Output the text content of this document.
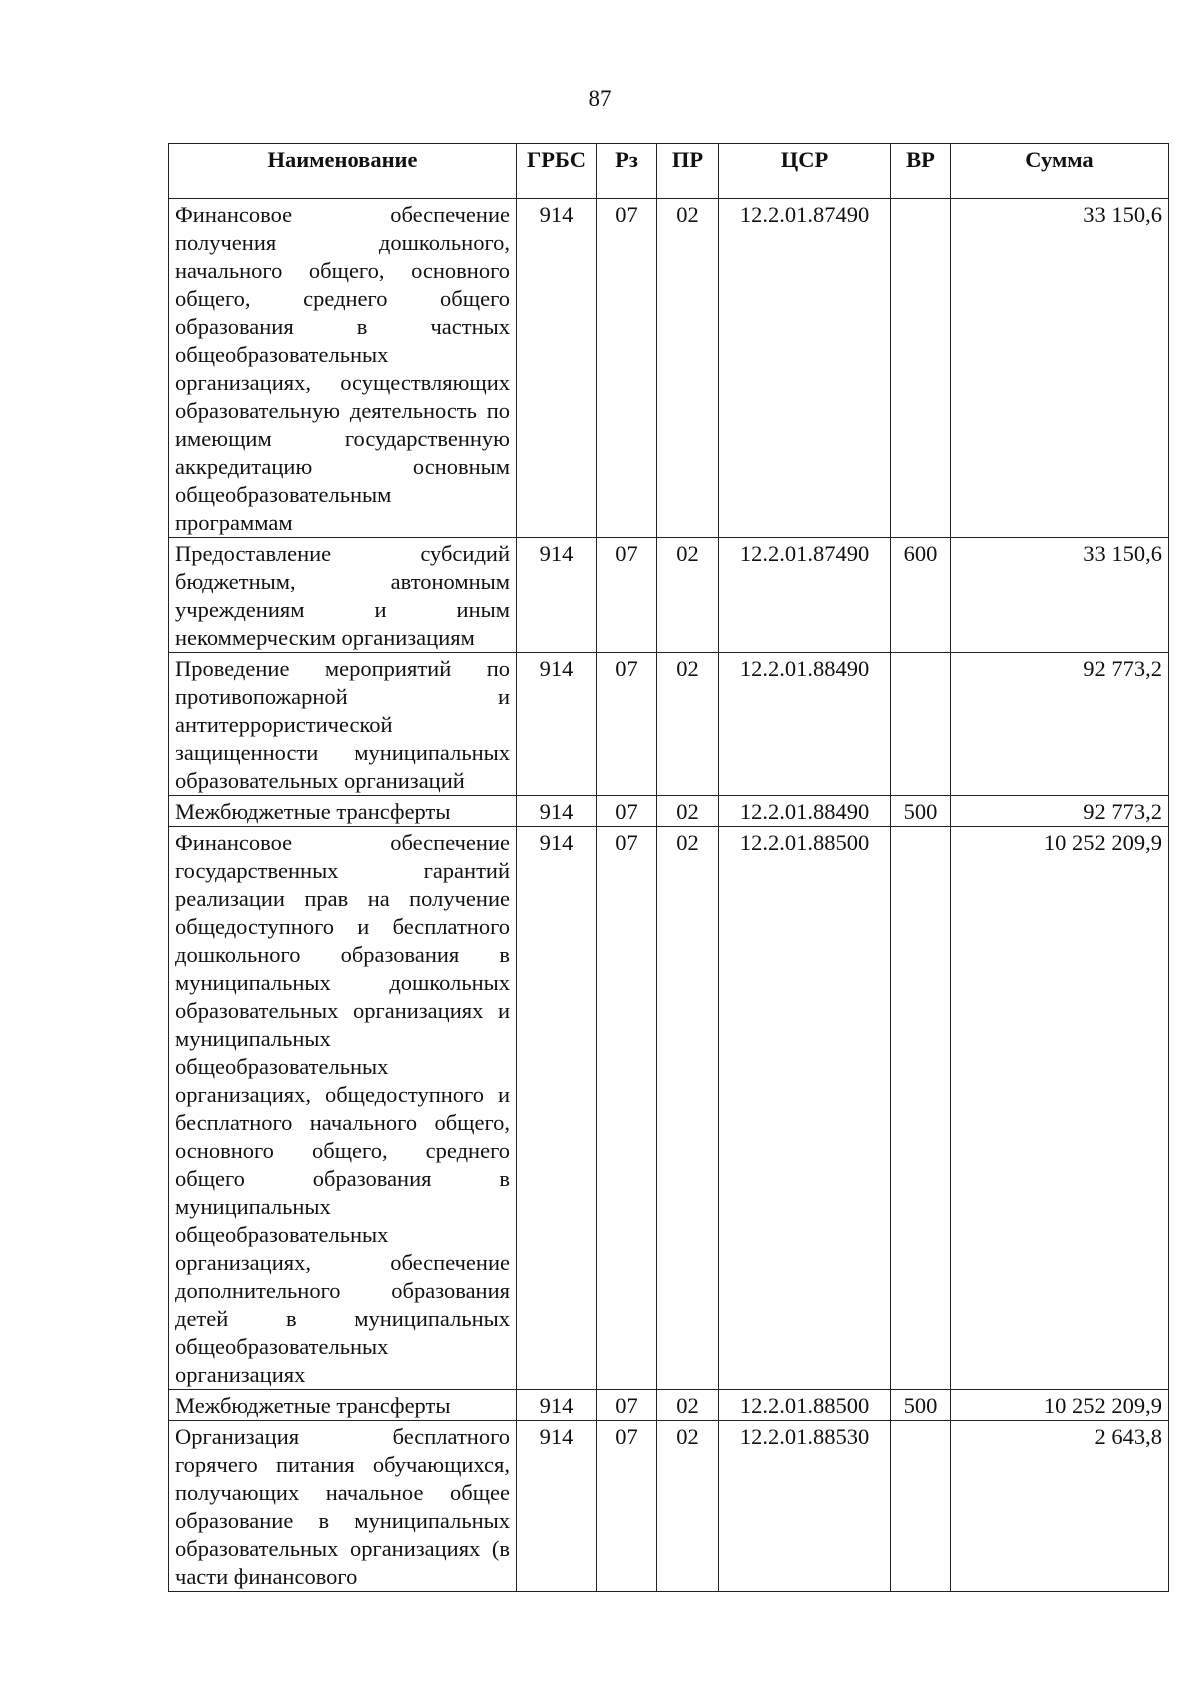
87
Наименование	ГРБС	Рз	ПР	ЦСР	ВР	Сумма
Финансовое обеспечение получения дошкольного, начального общего, основного общего, среднего общего образования в частных общеобразовательных организациях, осуществляющих образовательную деятельность по имеющим государственную аккредитацию основным общеобразовательным программам	914	07	02	12.2.01.87490		33 150,6
Предоставление субсидий бюджетным, автономным учреждениям и иным некоммерческим организациям	914	07	02	12.2.01.87490	600	33 150,6
Проведение мероприятий по противопожарной и антитеррористической защищенности муниципальных образовательных организаций	914	07	02	12.2.01.88490		92 773,2
Межбюджетные трансферты	914	07	02	12.2.01.88490	500	92 773,2
Финансовое обеспечение государственных гарантий реализации прав на получение общедоступного и бесплатного дошкольного образования в муниципальных дошкольных образовательных организациях и муниципальных общеобразовательных организациях, общедоступного и бесплатного начального общего, основного общего, среднего общего образования в муниципальных общеобразовательных организациях, обеспечение дополнительного образования детей в муниципальных общеобразовательных организациях	914	07	02	12.2.01.88500		10 252 209,9
Межбюджетные трансферты	914	07	02	12.2.01.88500	500	10 252 209,9
Организация бесплатного горячего питания обучающихся, получающих начальное общее образование в муниципальных образовательных организациях (в части финансового	914	07	02	12.2.01.88530		2 643,8
